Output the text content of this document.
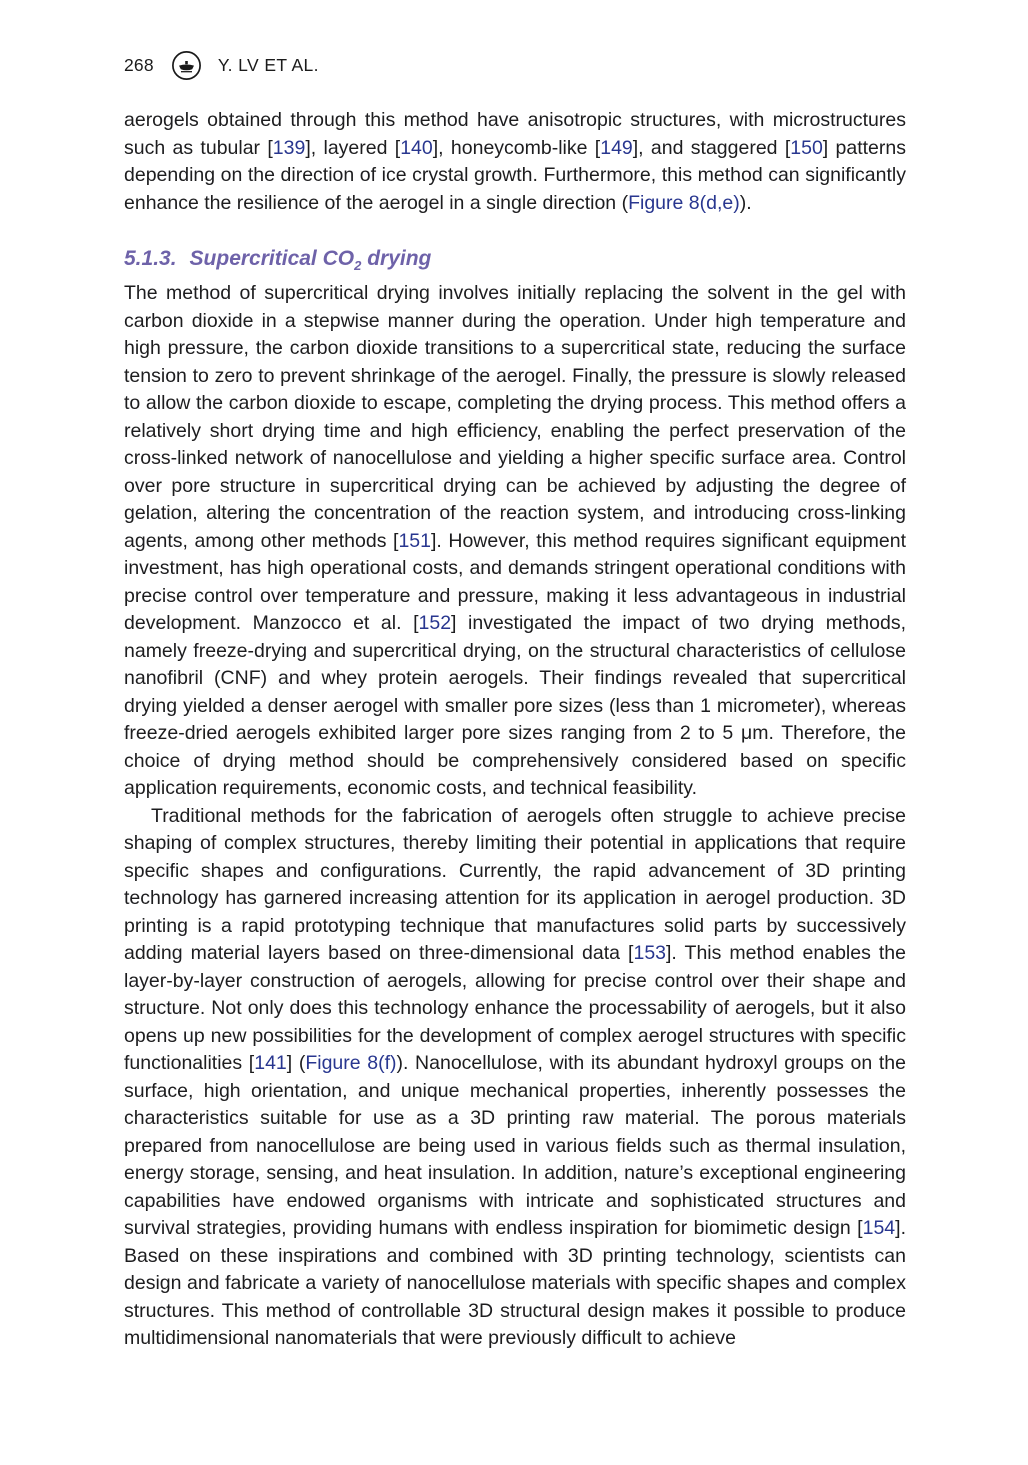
268	Y. LV ET AL.

aerogels obtained through this method have anisotropic structures, with microstructures such as tubular [139], layered [140], honeycomb-like [149], and staggered [150] patterns depending on the direction of ice crystal growth. Furthermore, this method can significantly enhance the resilience of the aerogel in a single direction (Figure 8(d,e)).

5.1.3. Supercritical $CO_2$ drying

The method of supercritical drying involves initially replacing the solvent in the gel with carbon dioxide in a stepwise manner during the operation. Under high temperature and high pressure, the carbon dioxide transitions to a supercritical state, reducing the surface tension to zero to prevent shrinkage of the aerogel. Finally, the pressure is slowly released to allow the carbon dioxide to escape, completing the drying process. This method offers a relatively short drying time and high efficiency, enabling the perfect preservation of the cross-linked network of nanocellulose and yielding a higher specific surface area. Control over pore structure in supercritical drying can be achieved by adjusting the degree of gelation, altering the concentration of the reaction system, and introducing cross-linking agents, among other methods [151]. However, this method requires significant equipment investment, has high operational costs, and demands stringent operational conditions with precise control over temperature and pressure, making it less advantageous in industrial development. Manzocco et al. [152] investigated the impact of two drying methods, namely freeze-drying and supercritical drying, on the structural characteristics of cellulose nanofibril (CNF) and whey protein aerogels. Their findings revealed that supercritical drying yielded a denser aerogel with smaller pore sizes (less than 1 micrometer), whereas freeze-dried aerogels exhibited larger pore sizes ranging from 2 to 5 μm. Therefore, the choice of drying method should be comprehensively considered based on specific application requirements, economic costs, and technical feasibility.

Traditional methods for the fabrication of aerogels often struggle to achieve precise shaping of complex structures, thereby limiting their potential in applications that require specific shapes and configurations. Currently, the rapid advancement of 3D printing technology has garnered increasing attention for its application in aerogel production. 3D printing is a rapid prototyping technique that manufactures solid parts by successively adding material layers based on three-dimensional data [153]. This method enables the layer-by-layer construction of aerogels, allowing for precise control over their shape and structure. Not only does this technology enhance the processability of aerogels, but it also opens up new possibilities for the development of complex aerogel structures with specific functionalities [141] (Figure 8(f)). Nanocellulose, with its abundant hydroxyl groups on the surface, high orientation, and unique mechanical properties, inherently possesses the characteristics suitable for use as a 3D printing raw material. The porous materials prepared from nanocellulose are being used in various fields such as thermal insulation, energy storage, sensing, and heat insulation. In addition, nature’s exceptional engineering capabilities have endowed organisms with intricate and sophisticated structures and survival strategies, providing humans with endless inspiration for biomimetic design [154]. Based on these inspirations and combined with 3D printing technology, scientists can design and fabricate a variety of nanocellulose materials with specific shapes and complex structures. This method of controllable 3D structural design makes it possible to produce multidimensional nanomaterials that were previously difficult to achieve
